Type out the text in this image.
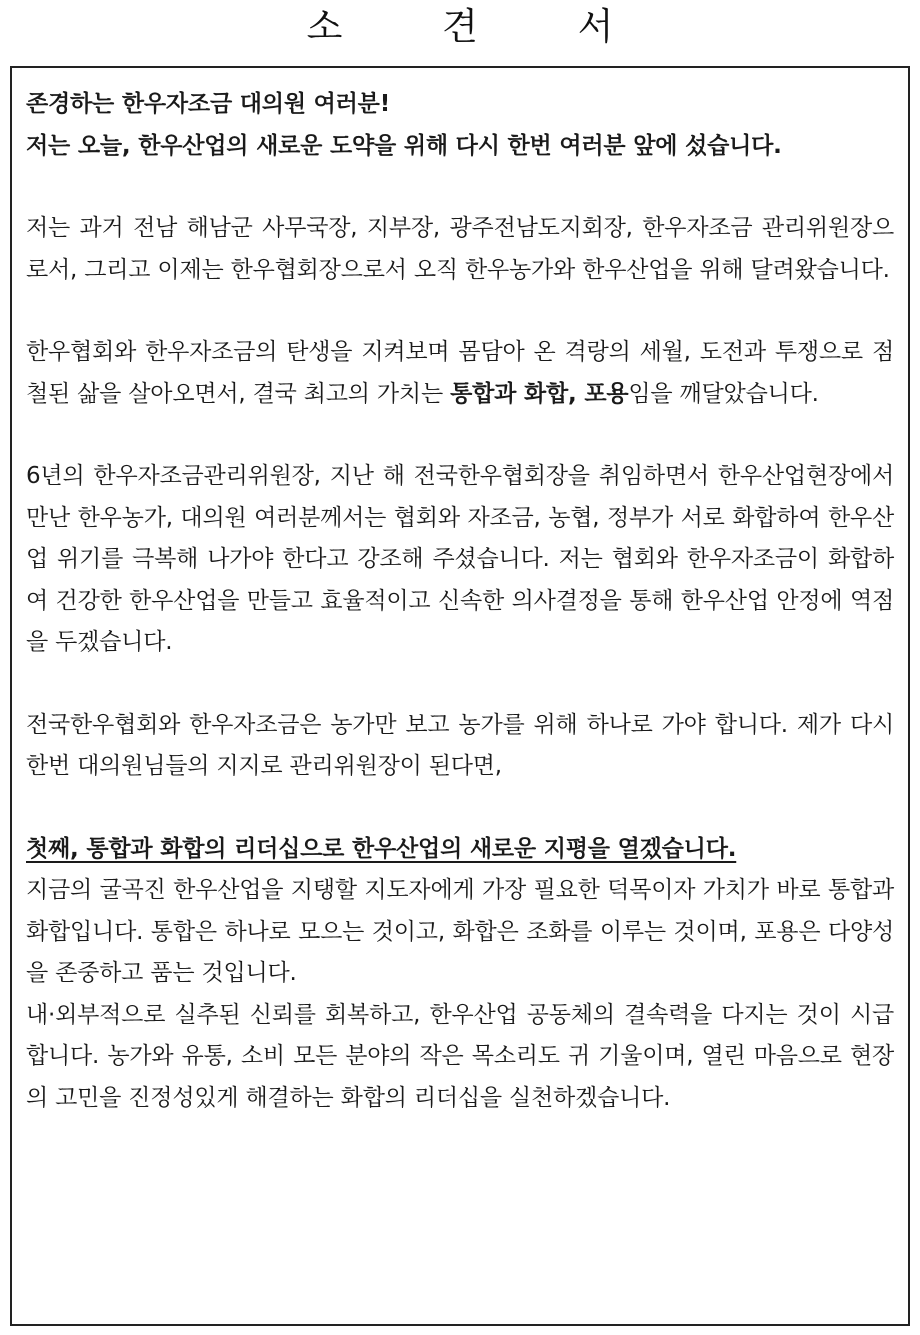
소 견 서

존경하는 한우자조금 대의원 여러분!

저는 오늘, 한우산업의 새로운 도약을 위해 다시 한번 여러분 앞에 섰습니다.

저는 과거 전남 해남군 사무국장, 지부장, 광주전남도지회장, 한우자조금 관리위원장으로서, 그리고 이제는 한우협회장으로서 오직 한우농가와 한우산업을 위해 달려왔습니다.

한우협회와 한우자조금의 탄생을 지켜보며 몸담아 온 격랑의 세월, 도전과 투쟁으로 점철된 삶을 살아오면서, 결국 최고의 가치는 통합과 화합, 포용임을 깨달았습니다.

6년의 한우자조금관리위원장, 지난 해 전국한우협회장을 취임하면서 한우산업현장에서 만난 한우농가, 대의원 여러분께서는 협회와 자조금, 농협, 정부가 서로 화합하여 한우산업 위기를 극복해 나가야 한다고 강조해 주셨습니다. 저는 협회와 한우자조금이 화합하여 건강한 한우산업을 만들고 효율적이고 신속한 의사결정을 통해 한우산업 안정에 역점을 두겠습니다.

전국한우협회와 한우자조금은 농가만 보고 농가를 위해 하나로 가야 합니다. 제가 다시 한번 대의원님들의 지지로 관리위원장이 된다면,

첫째, 통합과 화합의 리더십으로 한우산업의 새로운 지평을 열겠습니다.

지금의 굴곡진 한우산업을 지탱할 지도자에게 가장 필요한 덕목이자 가치가 바로 통합과 화합입니다. 통합은 하나로 모으는 것이고, 화합은 조화를 이루는 것이며, 포용은 다양성을 존중하고 품는 것입니다.

내·외부적으로 실추된 신뢰를 회복하고, 한우산업 공동체의 결속력을 다지는 것이 시급합니다. 농가와 유통, 소비 모든 분야의 작은 목소리도 귀 기울이며, 열린 마음으로 현장의 고민을 진정성있게 해결하는 화합의 리더십을 실천하겠습니다.
